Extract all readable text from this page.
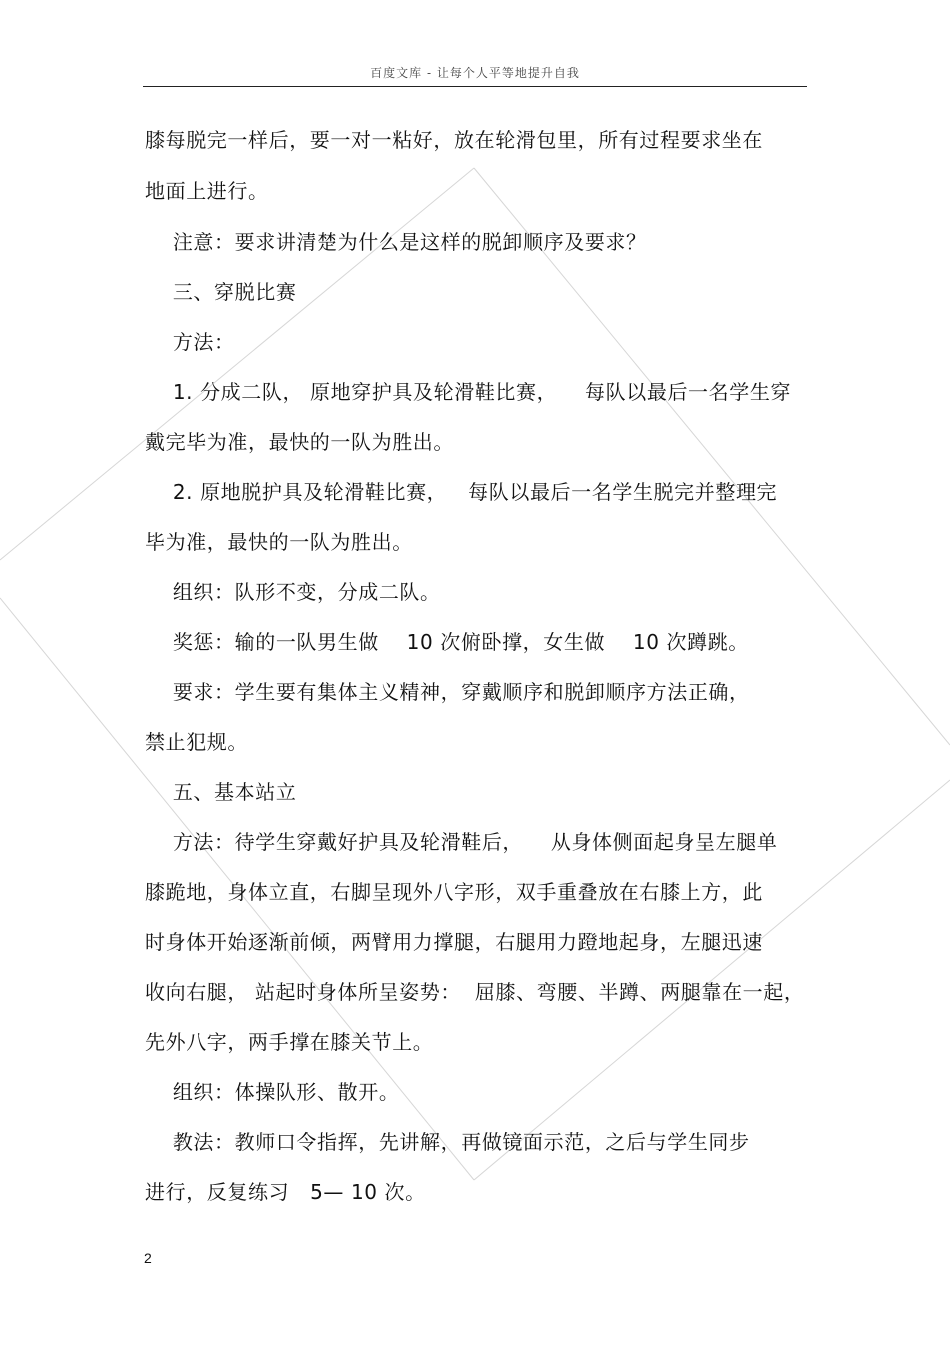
百度文库 - 让每个人平等地提升自我
膝每脱完一样后，要一对一粘好，放在轮滑包里，所有过程要求坐在
地面上进行。
注意：要求讲清楚为什么是这样的脱卸顺序及要求？
三、穿脱比赛
方法：
1. 分成二队， 原地穿护具及轮滑鞋比赛，    每队以最后一名学生穿
戴完毕为准，最快的一队为胜出。
2. 原地脱护具及轮滑鞋比赛，   每队以最后一名学生脱完并整理完
毕为准，最快的一队为胜出。
组织：队形不变，分成二队。
奖惩：输的一队男生做    10 次俯卧撑，女生做    10 次蹲跳。
要求：学生要有集体主义精神，穿戴顺序和脱卸顺序方法正确，
禁止犯规。
五、基本站立
方法：待学生穿戴好护具及轮滑鞋后，    从身体侧面起身呈左腿单
膝跪地，身体立直，右脚呈现外八字形，双手重叠放在右膝上方，此
时身体开始逐渐前倾，两臂用力撑腿，右腿用力蹬地起身，左腿迅速
收向右腿， 站起时身体所呈姿势：  屈膝、弯腰、半蹲、两腿靠在一起，
先外八字，两手撑在膝关节上。
组织：体操队形、散开。
教法：教师口令指挥，先讲解，再做镜面示范，之后与学生同步
进行，反复练习   5— 10 次。
2
